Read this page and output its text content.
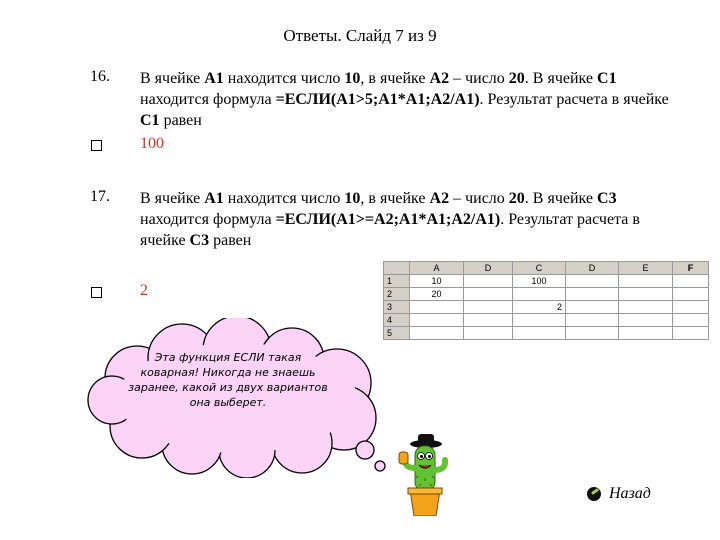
Ответы. Слайд 7 из 9
16. В ячейке А1 находится число 10, в ячейке А2 – число 20. В ячейке С1 находится формула =ЕСЛИ(А1>5;А1*А1;А2/А1). Результат расчета в ячейке С1 равен
100
17. В ячейке А1 находится число 10, в ячейке А2 – число 20. В ячейке С3 находится формула =ЕСЛИ(А1>=А2;А1*А1;А2/А1). Результат расчета в ячейке С3 равен
2
	A	D	C	D	E	F
1	10		100			
2	20					
3			2			
4						
5						
Эта функция ЕСЛИ такая коварная! Никогда не знаешь заранее, какой из двух вариантов она выберет.
Назад
